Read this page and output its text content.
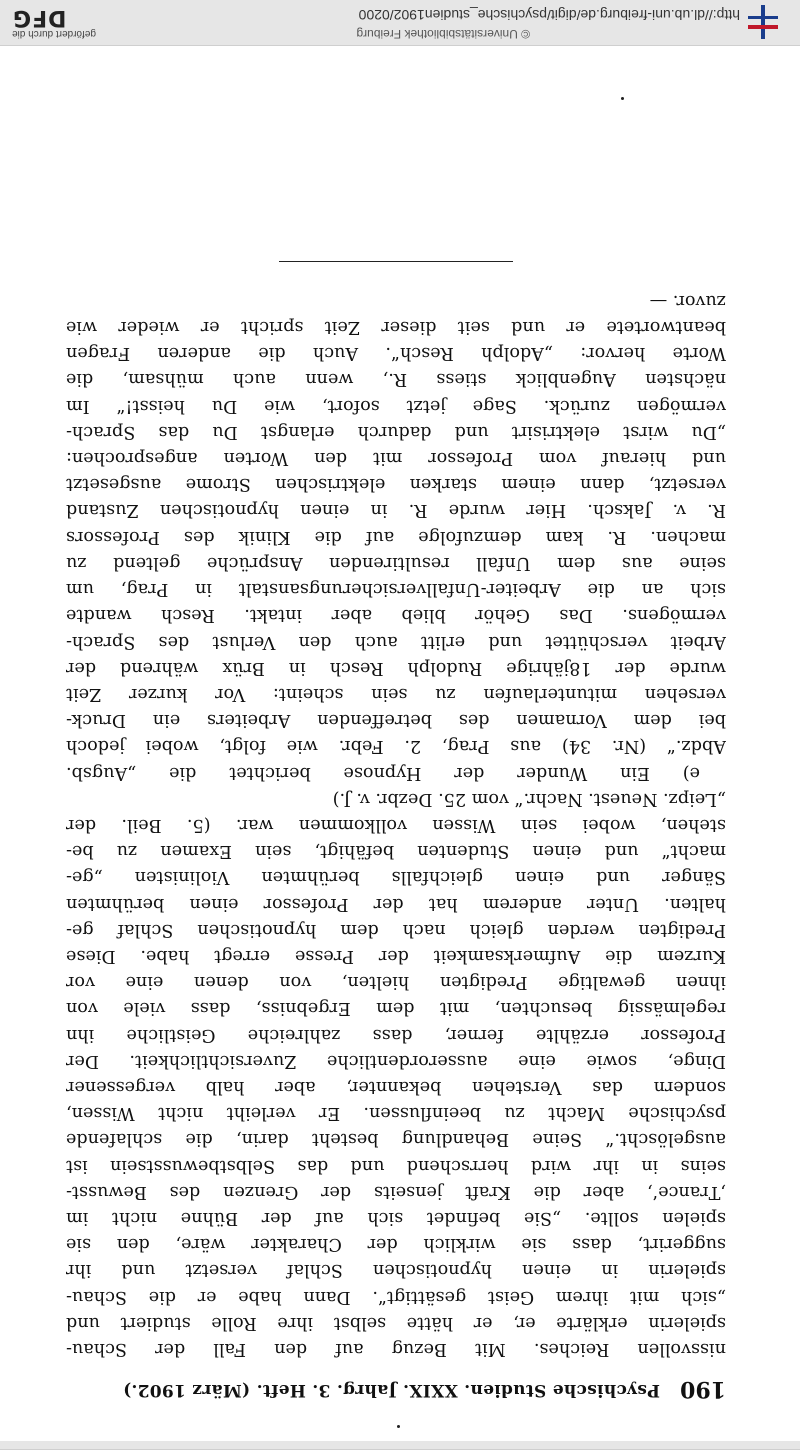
190
Psychische Studien. XXIX. Jahrg. 3. Heft. (März 1902.)
nissvollen Reiches. Mit Bezug auf den Fall der Schau-
spielerin erklärte er, er hätte selbst ihre Rolle studiert und
„sich mit ihrem Geist gesättigt“. Dann habe er die Schau-
spielerin in einen hypnotischen Schlaf versetzt und ihr
suggerirt, dass sie wirklich der Charakter wäre, den sie
spielen sollte. „Sie befindet sich auf der Bühne nicht im
‚Trance‘, aber die Kraft jenseits der Grenzen des Bewusst-
seins in ihr wird herrschend und das Selbstbewusstsein ist
ausgelöscht.“ Seine Behandlung besteht darin, die schlafende
psychische Macht zu beeinflussen. Er verleiht nicht Wissen,
sondern das Verstehen bekannter, aber halb vergessener
Dinge, sowie eine ausserordentliche Zuversichtlichkeit. Der
Professor erzählte ferner, dass zahlreiche Geistliche ihn
regelmässig besuchten, mit dem Ergebniss, dass viele von
ihnen gewaltige Predigten hielten, von denen eine vor
Kurzem die Aufmerksamkeit der Presse erregt habe. Diese
Predigten werden gleich nach dem hypnotischen Schlaf ge-
halten. Unter anderem hat der Professor einen berühmten
Sänger und einen gleichfalls berühmten Violinisten „ge-
macht“ und einen Studenten befähigt, sein Examen zu be-
stehen, wobei sein Wissen vollkommen war. (5. Beil. der
„Leipz. Neuest. Nachr.“ vom 25. Dezbr. v. J.)
e) Ein Wunder der Hypnose berichtet die „Augsb.
Abdz.“ (Nr. 34) aus Prag, 2. Febr. wie folgt, wobei jedoch
bei dem Vornamen des betreffenden Arbeiters ein Druck-
versehen mitunterlaufen zu sein scheint: Vor kurzer Zeit
wurde der 18jährige Rudolph Resch in Brüx während der
Arbeit verschüttet und erlitt auch den Verlust des Sprach-
vermögens. Das Gehör blieb aber intakt. Resch wandte
sich an die Arbeiter-Unfallversicherungsanstalt in Prag, um
seine aus dem Unfall resultirenden Ansprüche geltend zu
machen. R. kam demzufolge auf die Klinik des Professors
R. v. Jaksch. Hier wurde R. in einen hypnotischen Zustand
versetzt, dann einem starken elektrischen Strome ausgesetzt
und hierauf vom Professor mit den Worten angesprochen:
„Du wirst elektrisirt und dadurch erlangst Du das Sprach-
vermögen zurück. Sage jetzt sofort, wie Du heisst!“ Im
nächsten Augenblick stiess R., wenn auch mühsam, die
Worte hervor: „Adolph Resch“. Auch die anderen Fragen
beantwortete er und seit dieser Zeit spricht er wieder wie
zuvor. —
© Universitätsbibliothek Freiburg
http://dl.ub.uni-freiburg.de/digit/psychische_studien1902/0200
gefördert durch die
DFG
